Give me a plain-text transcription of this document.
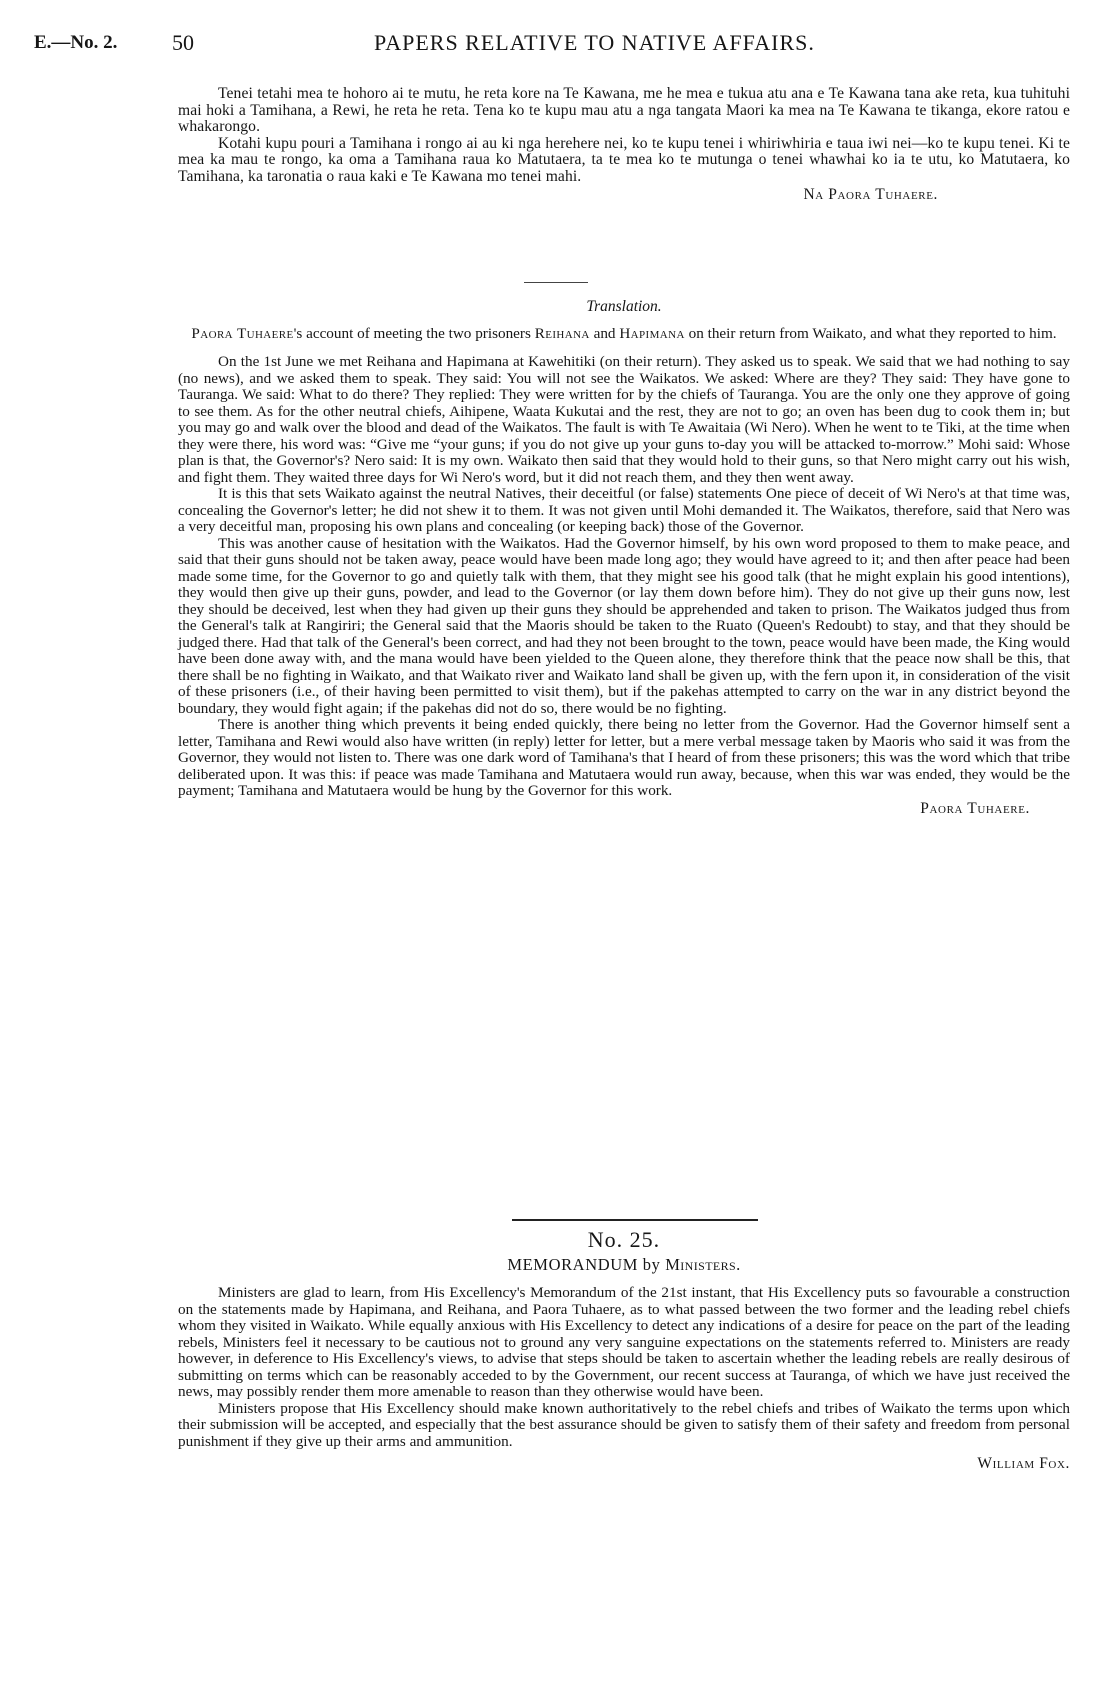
E.—No. 2. 50	PAPERS RELATIVE TO NATIVE AFFAIRS.

Tenei tetahi mea te hohoro ai te mutu, he reta kore na Te Kawana, me he mea e tukua atu ana e Te Kawana tana ake reta, kua tuhituhi mai hoki a Tamihana, a Rewi, he reta he reta. Tena ko te kupu mau atu a nga tangata Maori ka mea na Te Kawana te tikanga, ekore ratou e whakarongo.

Kotahi kupu pouri a Tamihana i rongo ai au ki nga herehere nei, ko te kupu tenei i whiriwhiria e taua iwi nei—ko te kupu tenei. Ki te mea ka mau te rongo, ka oma a Tamihana raua ko Matutaera, ta te mea ko te mutunga o tenei whawhai ko ia te utu, ko Matutaera, ko Tamihana, ka taronatia o raua kaki e Te Kawana mo tenei mahi.

Na Paora Tuhaere.

Translation.

Paora Tuhaere's account of meeting the two prisoners Reihana and Hapimana on their return from Waikato, and what they reported to him.

On the 1st June we met Reihana and Hapimana at Kawehitiki (on their return). They asked us to speak. We said that we had nothing to say (no news), and we asked them to speak. They said: You will not see the Waikatos. We asked: Where are they? They said: They have gone to Tauranga. We said: What to do there? They replied: They were written for by the chiefs of Tauranga. You are the only one they approve of going to see them. As for the other neutral chiefs, Aihipene, Waata Kukutai and the rest, they are not to go; an oven has been dug to cook them in; but you may go and walk over the blood and dead of the Waikatos. The fault is with Te Awaitaia (Wi Nero). When he went to te Tiki, at the time when they were there, his word was: “Give me “your guns; if you do not give up your guns to-day you will be attacked to-morrow.” Mohi said: Whose plan is that, the Governor's? Nero said: It is my own. Waikato then said that they would hold to their guns, so that Nero might carry out his wish, and fight them. They waited three days for Wi Nero's word, but it did not reach them, and they then went away.

It is this that sets Waikato against the neutral Natives, their deceitful (or false) statements One piece of deceit of Wi Nero's at that time was, concealing the Governor's letter; he did not shew it to them. It was not given until Mohi demanded it. The Waikatos, therefore, said that Nero was a very deceitful man, proposing his own plans and concealing (or keeping back) those of the Governor.

This was another cause of hesitation with the Waikatos. Had the Governor himself, by his own word proposed to them to make peace, and said that their guns should not be taken away, peace would have been made long ago; they would have agreed to it; and then after peace had been made some time, for the Governor to go and quietly talk with them, that they might see his good talk (that he might explain his good intentions), they would then give up their guns, powder, and lead to the Governor (or lay them down before him). They do not give up their guns now, lest they should be deceived, lest when they had given up their guns they should be apprehended and taken to prison. The Waikatos judged thus from the General's talk at Rangiriri; the General said that the Maoris should be taken to the Ruato (Queen's Redoubt) to stay, and that they should be judged there. Had that talk of the General's been correct, and had they not been brought to the town, peace would have been made, the King would have been done away with, and the mana would have been yielded to the Queen alone, they therefore think that the peace now shall be this, that there shall be no fighting in Waikato, and that Waikato river and Waikato land shall be given up, with the fern upon it, in consideration of the visit of these prisoners (i.e., of their having been permitted to visit them), but if the pakehas attempted to carry on the war in any district beyond the boundary, they would fight again; if the pakehas did not do so, there would be no fighting.

There is another thing which prevents it being ended quickly, there being no letter from the Governor. Had the Governor himself sent a letter, Tamihana and Rewi would also have written (in reply) letter for letter, but a mere verbal message taken by Maoris who said it was from the Governor, they would not listen to. There was one dark word of Tamihana's that I heard of from these prisoners; this was the word which that tribe deliberated upon. It was this: if peace was made Tamihana and Matutaera would run away, because, when this war was ended, they would be the payment; Tamihana and Matutaera would be hung by the Governor for this work.

Paora Tuhaere.

No. 25.

MEMORANDUM by Ministers.

Ministers are glad to learn, from His Excellency's Memorandum of the 21st instant, that His Excellency puts so favourable a construction on the statements made by Hapimana, and Reihana, and Paora Tuhaere, as to what passed between the two former and the leading rebel chiefs whom they visited in Waikato. While equally anxious with His Excellency to detect any indications of a desire for peace on the part of the leading rebels, Ministers feel it necessary to be cautious not to ground any very sanguine expectations on the statements referred to. Ministers are ready however, in deference to His Excellency's views, to advise that steps should be taken to ascertain whether the leading rebels are really desirous of submitting on terms which can be reasonably acceded to by the Government, our recent success at Tauranga, of which we have just received the news, may possibly render them more amenable to reason than they otherwise would have been.

Ministers propose that His Excellency should make known authoritatively to the rebel chiefs and tribes of Waikato the terms upon which their submission will be accepted, and especially that the best assurance should be given to satisfy them of their safety and freedom from personal punishment if they give up their arms and ammunition.

William Fox.
